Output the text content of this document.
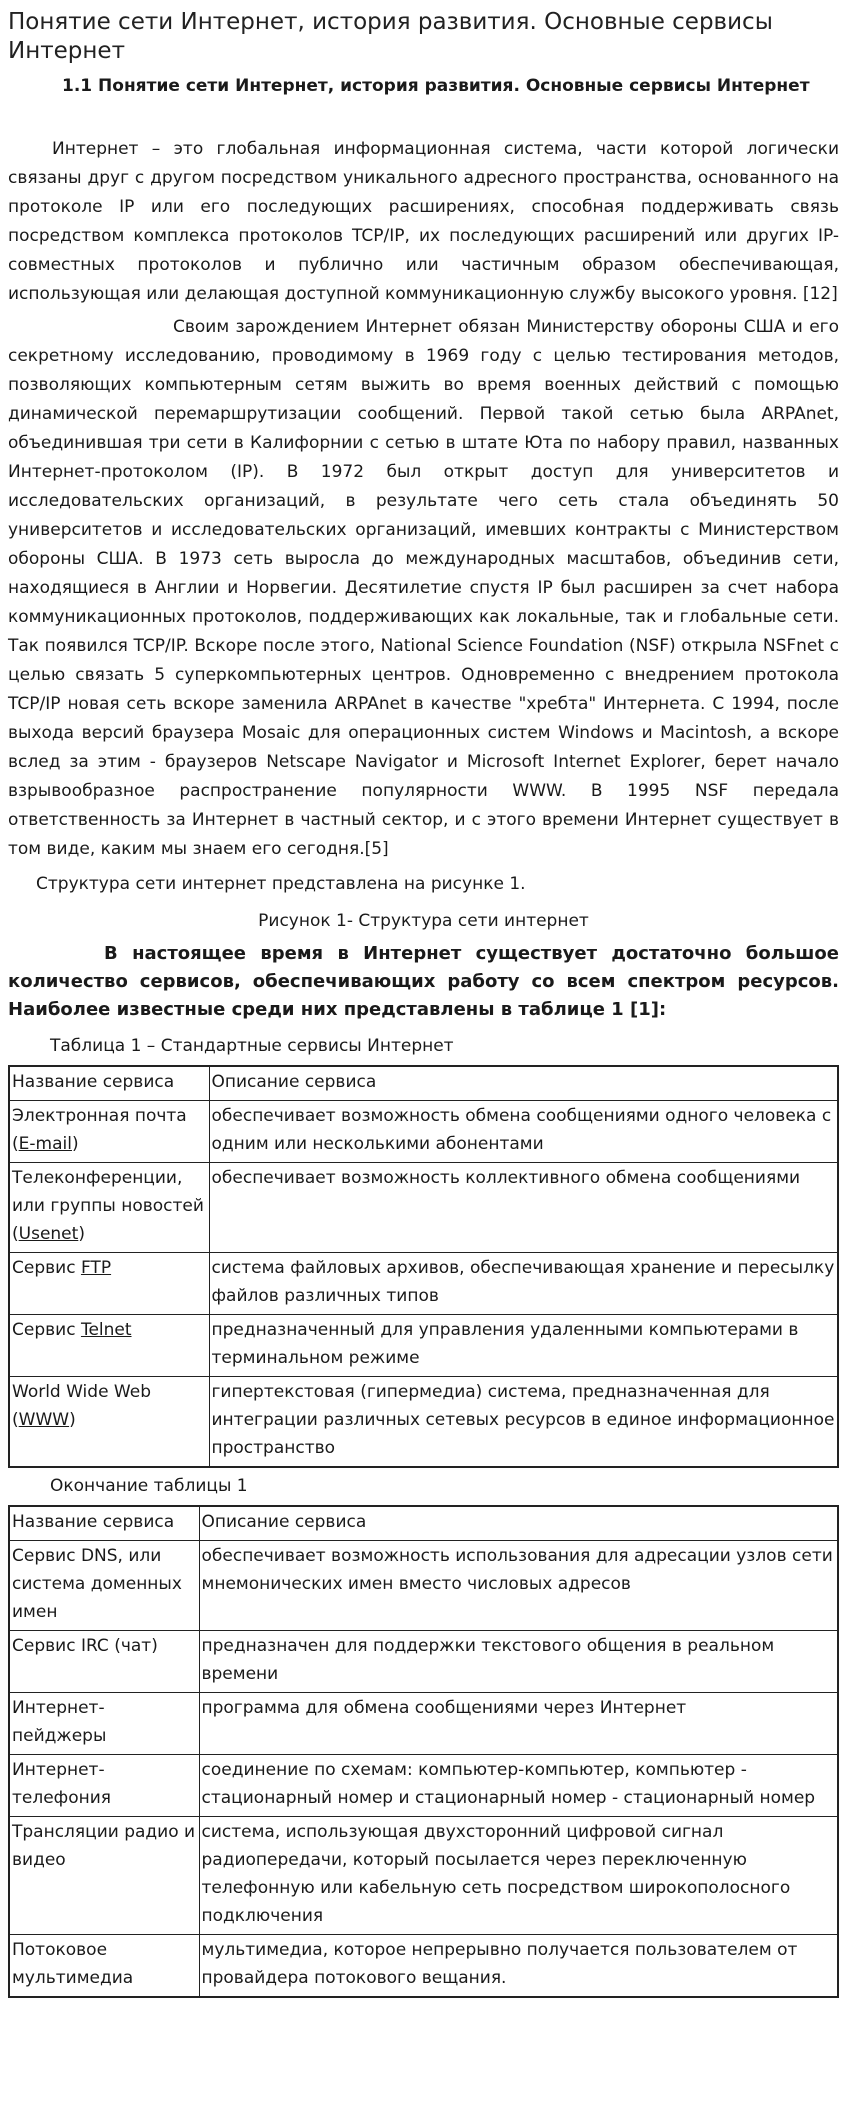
Понятие сети Интернет, история развития. Основные сервисы Интернет
1.1 Понятие сети Интернет, история развития. Основные сервисы Интернет

Интернет – это глобальная информационная система, части которой логически связаны друг с другом посредством уникального адресного пространства, основанного на протоколе IP или его последующих расширениях, способная поддерживать связь посредством комплекса протоколов TCP/IP, их последующих расширений или других IP-совместных протоколов и публично или частичным образом обеспечивающая, использующая или делающая доступной коммуникационную службу высокого уровня. [12]

Своим зарождением Интернет обязан Министерству обороны США и его секретному исследованию, проводимому в 1969 году с целью тестирования методов, позволяющих компьютерным сетям выжить во время военных действий с помощью динамической перемаршрутизации сообщений. Первой такой сетью была ARPAnet, объединившая три сети в Калифорнии с сетью в штате Юта по набору правил, названных Интернет-протоколом (IP). В 1972 был открыт доступ для университетов и исследовательских организаций, в результате чего сеть стала объединять 50 университетов и исследовательских организаций, имевших контракты с Министерством обороны США. В 1973 сеть выросла до международных масштабов, объединив сети, находящиеся в Англии и Норвегии. Десятилетие спустя IP был расширен за счет набора коммуникационных протоколов, поддерживающих как локальные, так и глобальные сети. Так появился TCP/IP. Вскоре после этого, National Science Foundation (NSF) открыла NSFnet с целью связать 5 суперкомпьютерных центров. Одновременно с внедрением протокола TCP/IP новая сеть вскоре заменила ARPAnet в качестве "хребта" Интернета. С 1994, после выхода версий браузера Mosaic для операционных систем Windows и Macintosh, а вскоре вслед за этим - браузеров Netscape Navigator и Microsoft Internet Explorer, берет начало взрывообразное распространение популярности WWW. В 1995 NSF передала ответственность за Интернет в частный сектор, и с этого времени Интернет существует в том виде, каким мы знаем его сегодня.[5]

Структура сети интернет представлена на рисунке 1.

Рисунок 1- Структура сети интернет

В настоящее время в Интернет существует достаточно большое количество сервисов, обеспечивающих работу со всем спектром ресурсов. Наиболее известные среди них представлены в таблице 1 [1]:

Таблица 1 – Стандартные сервисы Интернет

Название сервиса	Описание сервиса
Электронная почта (E-mail)	обеспечивает возможность обмена сообщениями одного человека с одним или несколькими абонентами
Телеконференции, или группы новостей (Usenet)	обеспечивает возможность коллективного обмена сообщениями
Сервис FTP	система файловых архивов, обеспечивающая хранение и пересылку файлов различных типов
Сервис Telnet	предназначенный для управления удаленными компьютерами в терминальном режиме
World Wide Web (WWW)	гипертекстовая (гипермедиа) система, предназначенная для интеграции различных сетевых ресурсов в единое информационное пространство

Окончание таблицы 1

Название сервиса	Описание сервиса
Сервис DNS, или система доменных имен	обеспечивает возможность использования для адресации узлов сети мнемонических имен вместо числовых адресов
Сервис IRC (чат)	предназначен для поддержки текстового общения в реальном времени
Интернет-пейджеры	программа для обмена сообщениями через Интернет
Интернет-телефония	соединение по схемам: компьютер-компьютер, компьютер - стационарный номер и стационарный номер - стационарный номер
Трансляции радио и видео	система, использующая двухсторонний цифровой сигнал радиопередачи, который посылается через переключенную телефонную или кабельную сеть посредством широкополосного подключения
Потоковое мультимедиа	мультимедиа, которое непрерывно получается пользователем от провайдера потокового вещания.
